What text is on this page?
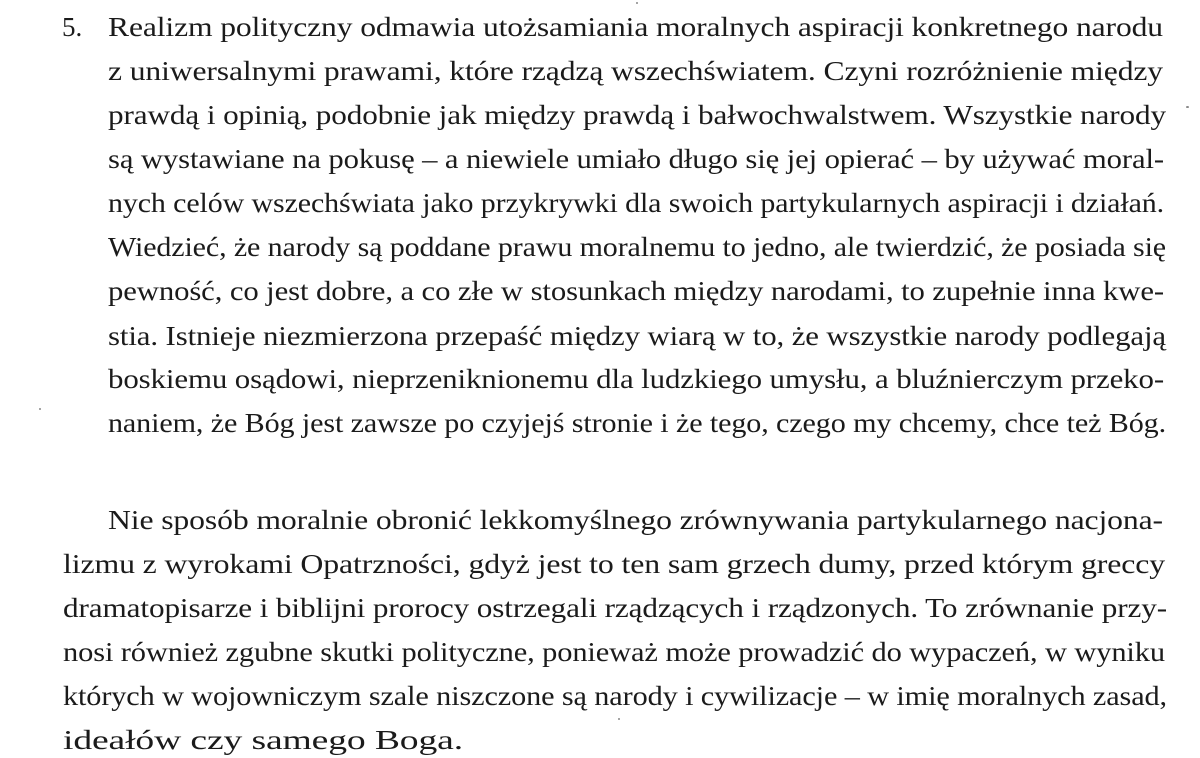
5. Realizm polityczny odmawia utożsamiania moralnych aspiracji konkretnego narodu
z uniwersalnymi prawami, które rządzą wszechświatem. Czyni rozróżnienie między
prawdą i opinią, podobnie jak między prawdą i bałwochwalstwem. Wszystkie narody
są wystawiane na pokusę – a niewiele umiało długo się jej opierać – by używać moral-
nych celów wszechświata jako przykrywki dla swoich partykularnych aspiracji i działań.
Wiedzieć, że narody są poddane prawu moralnemu to jedno, ale twierdzić, że posiada się
pewność, co jest dobre, a co złe w stosunkach między narodami, to zupełnie inna kwe-
stia. Istnieje niezmierzona przepaść między wiarą w to, że wszystkie narody podlegają
boskiemu osądowi, nieprzeniknionemu dla ludzkiego umysłu, a bluźnierczym przeko-
naniem, że Bóg jest zawsze po czyjejś stronie i że tego, czego my chcemy, chce też Bóg.
Nie sposób moralnie obronić lekkomyślnego zrównywania partykularnego nacjona-
lizmu z wyrokami Opatrzności, gdyż jest to ten sam grzech dumy, przed którym greccy
dramatopisarze i biblijni prorocy ostrzegali rządzących i rządzonych. To zrównanie przy-
nosi również zgubne skutki polityczne, ponieważ może prowadzić do wypaczeń, w wyniku
których w wojowniczym szale niszczone są narody i cywilizacje – w imię moralnych zasad,
ideałów czy samego Boga.
